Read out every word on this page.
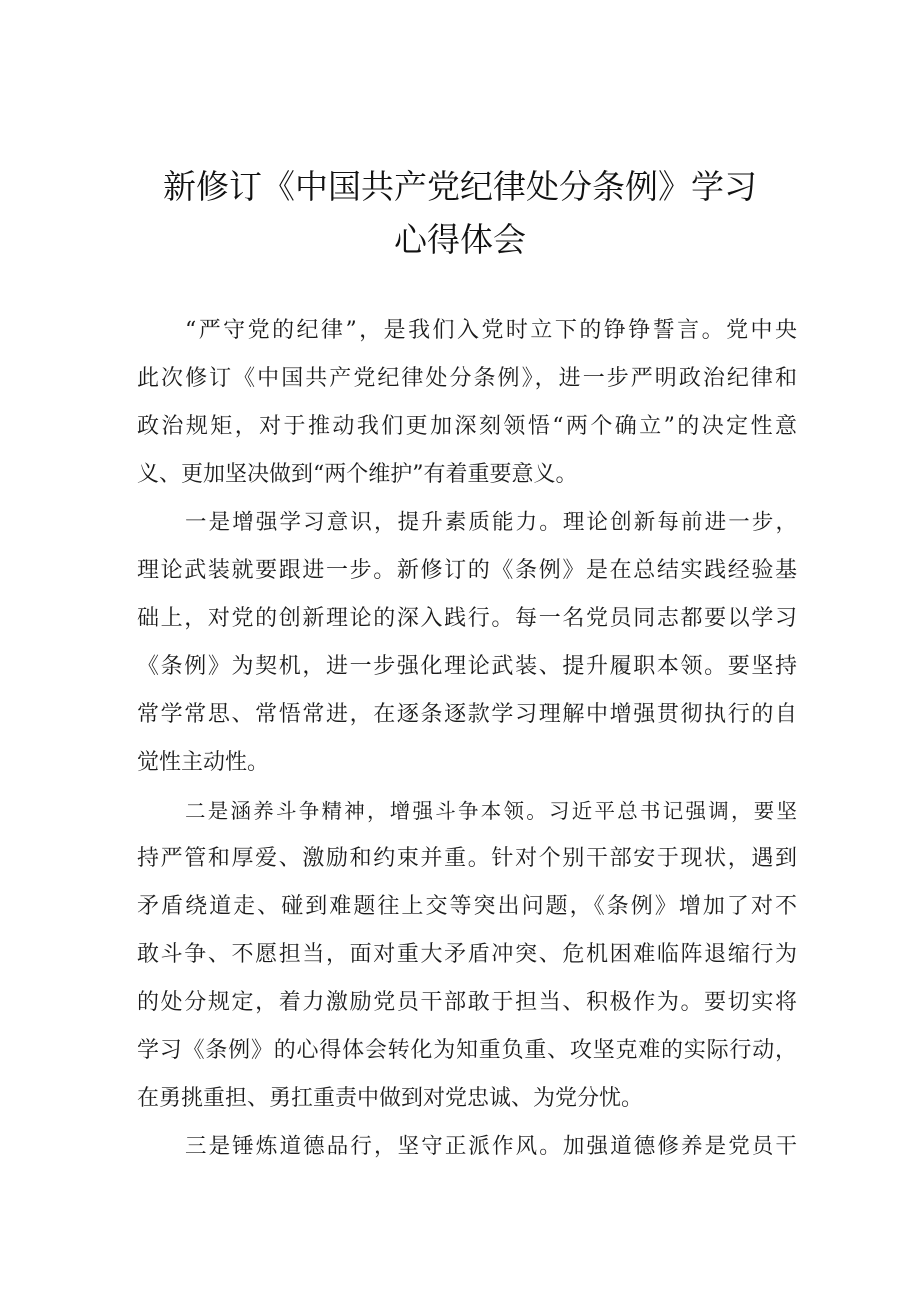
新修订《中国共产党纪律处分条例》学习
心得体会
“严守党的纪律”，是我们入党时立下的铮铮誓言。党中央
此次修订《中国共产党纪律处分条例》，进一步严明政治纪律和
政治规矩，对于推动我们更加深刻领悟“两个确立”的决定性意
义、更加坚决做到“两个维护”有着重要意义。
一是增强学习意识，提升素质能力。理论创新每前进一步，
理论武装就要跟进一步。新修订的《条例》是在总结实践经验基
础上，对党的创新理论的深入践行。每一名党员同志都要以学习
《条例》为契机，进一步强化理论武装、提升履职本领。要坚持
常学常思、常悟常进，在逐条逐款学习理解中增强贯彻执行的自
觉性主动性。
二是涵养斗争精神，增强斗争本领。习近平总书记强调，要坚
持严管和厚爱、激励和约束并重。针对个别干部安于现状，遇到
矛盾绕道走、碰到难题往上交等突出问题，《条例》增加了对不
敢斗争、不愿担当，面对重大矛盾冲突、危机困难临阵退缩行为
的处分规定，着力激励党员干部敢于担当、积极作为。要切实将
学习《条例》的心得体会转化为知重负重、攻坚克难的实际行动，
在勇挑重担、勇扛重责中做到对党忠诚、为党分忧。
三是锤炼道德品行，坚守正派作风。加强道德修养是党员干
